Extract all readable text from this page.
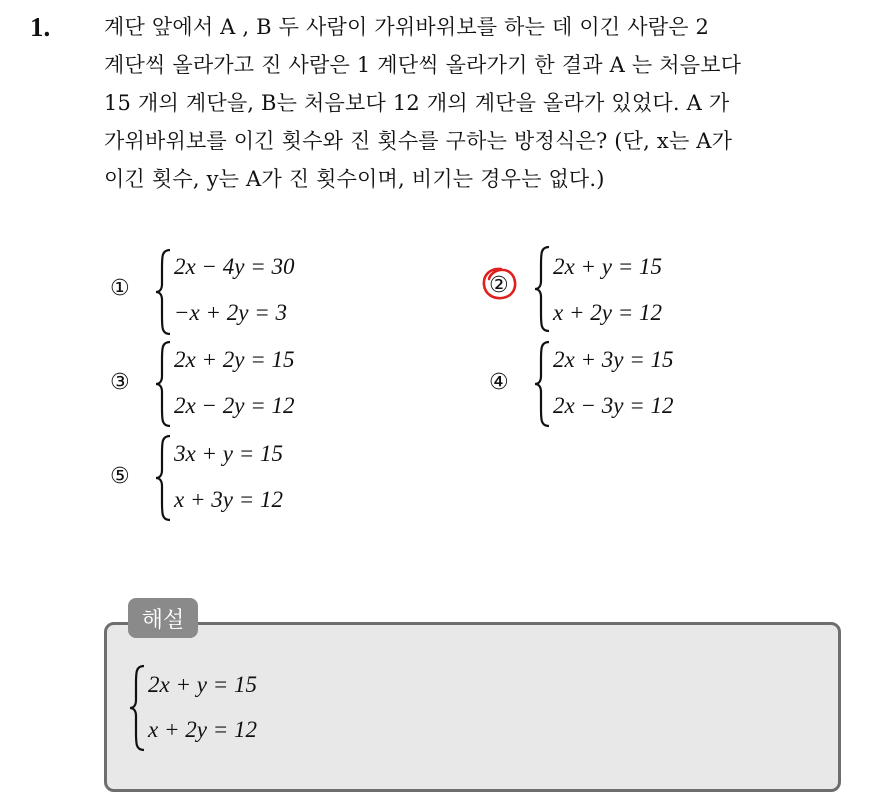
1.	계단 앞에서 A , B 두 사람이 가위바위보를 하는 데 이긴 사람은 2
계단씩 올라가고 진 사람은 1 계단씩 올라가기 한 결과 A 는 처음보다
15 개의 계단을, B는 처음보다 12 개의 계단을 올라가 있었다. A 가
가위바위보를 이긴 횟수와 진 횟수를 구하는 방정식은? (단, x는 A가
이긴 횟수, y는 A가 진 횟수이며, 비기는 경우는 없다.)
①
2x − 4y = 30
−x + 2y = 3
②
2x + y = 15
x + 2y = 12
③
2x + 2y = 15
2x − 2y = 12
④
2x + 3y = 15
2x − 3y = 12
⑤
3x + y = 15
x + 3y = 12
해설
2x + y = 15
x + 2y = 12
